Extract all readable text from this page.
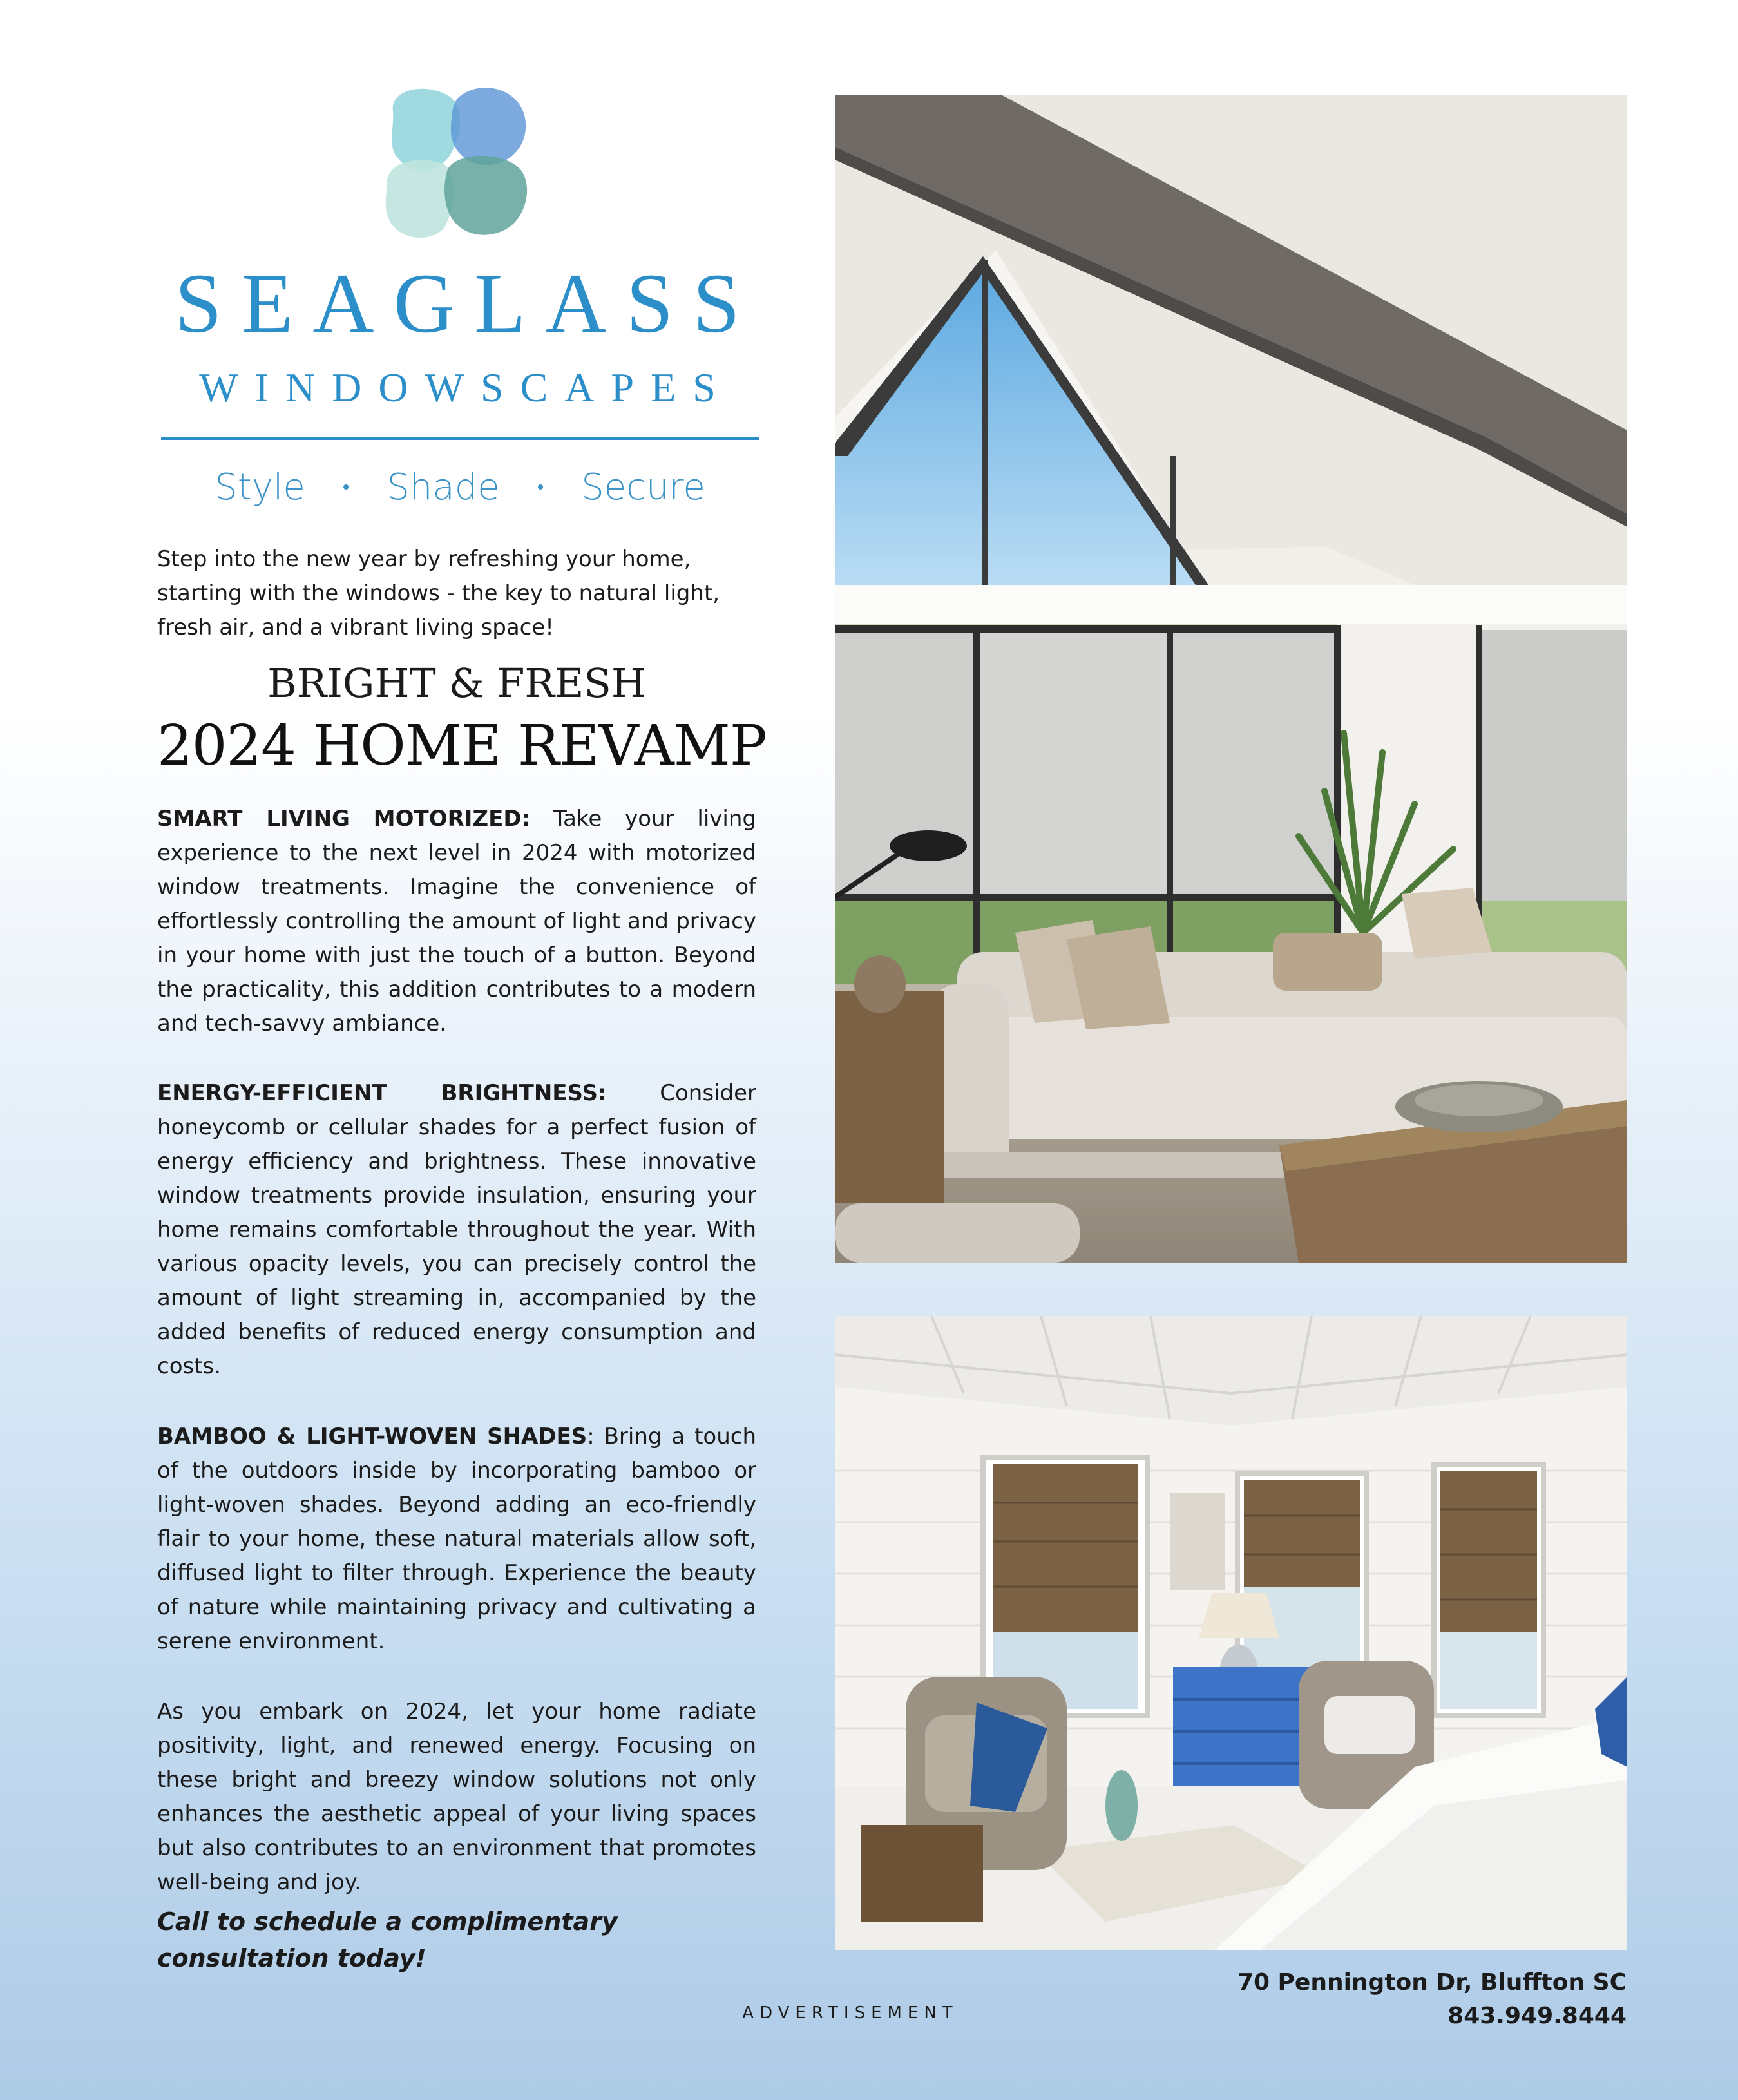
SEAGLASS
WINDOWSCAPES
Style • Shade • Secure

Step into the new year by refreshing your home, starting with the windows - the key to natural light, fresh air, and a vibrant living space!

BRIGHT & FRESH
2024 HOME REVAMP

SMART LIVING MOTORIZED: Take your living experience to the next level in 2024 with motorized window treatments. Imagine the convenience of effortlessly controlling the amount of light and privacy in your home with just the touch of a button. Beyond the practicality, this addition contributes to a modern and tech-savvy ambiance.

ENERGY-EFFICIENT BRIGHTNESS: Consider honeycomb or cellular shades for a perfect fusion of energy efficiency and brightness. These innovative window treatments provide insulation, ensuring your home remains comfortable throughout the year. With various opacity levels, you can precisely control the amount of light streaming in, accompanied by the added benefits of reduced energy consumption and costs.

BAMBOO & LIGHT-WOVEN SHADES: Bring a touch of the outdoors inside by incorporating bamboo or light-woven shades. Beyond adding an eco-friendly flair to your home, these natural materials allow soft, diffused light to filter through. Experience the beauty of nature while maintaining privacy and cultivating a serene environment.

As you embark on 2024, let your home radiate positivity, light, and renewed energy. Focusing on these bright and breezy window solutions not only enhances the aesthetic appeal of your living spaces but also contributes to an environment that promotes well-being and joy.

Call to schedule a complimentary consultation today!

ADVERTISEMENT
70 Pennington Dr, Bluffton SC
843.949.8444
